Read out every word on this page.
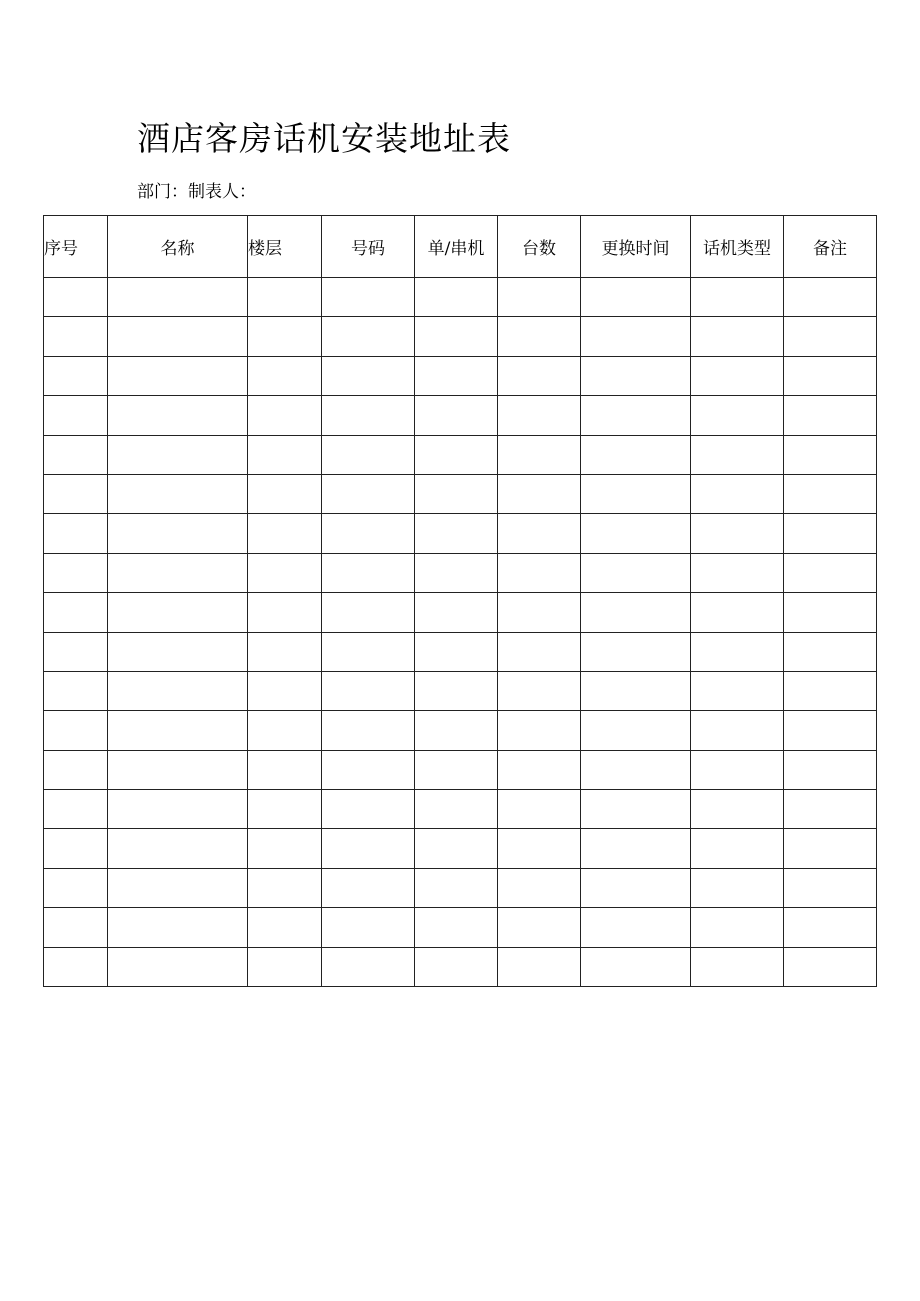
酒店客房话机安装地址表
部门：制表人：
序号	名称	楼层	号码	单/串机	台数	更换时间	话机类型	备注
